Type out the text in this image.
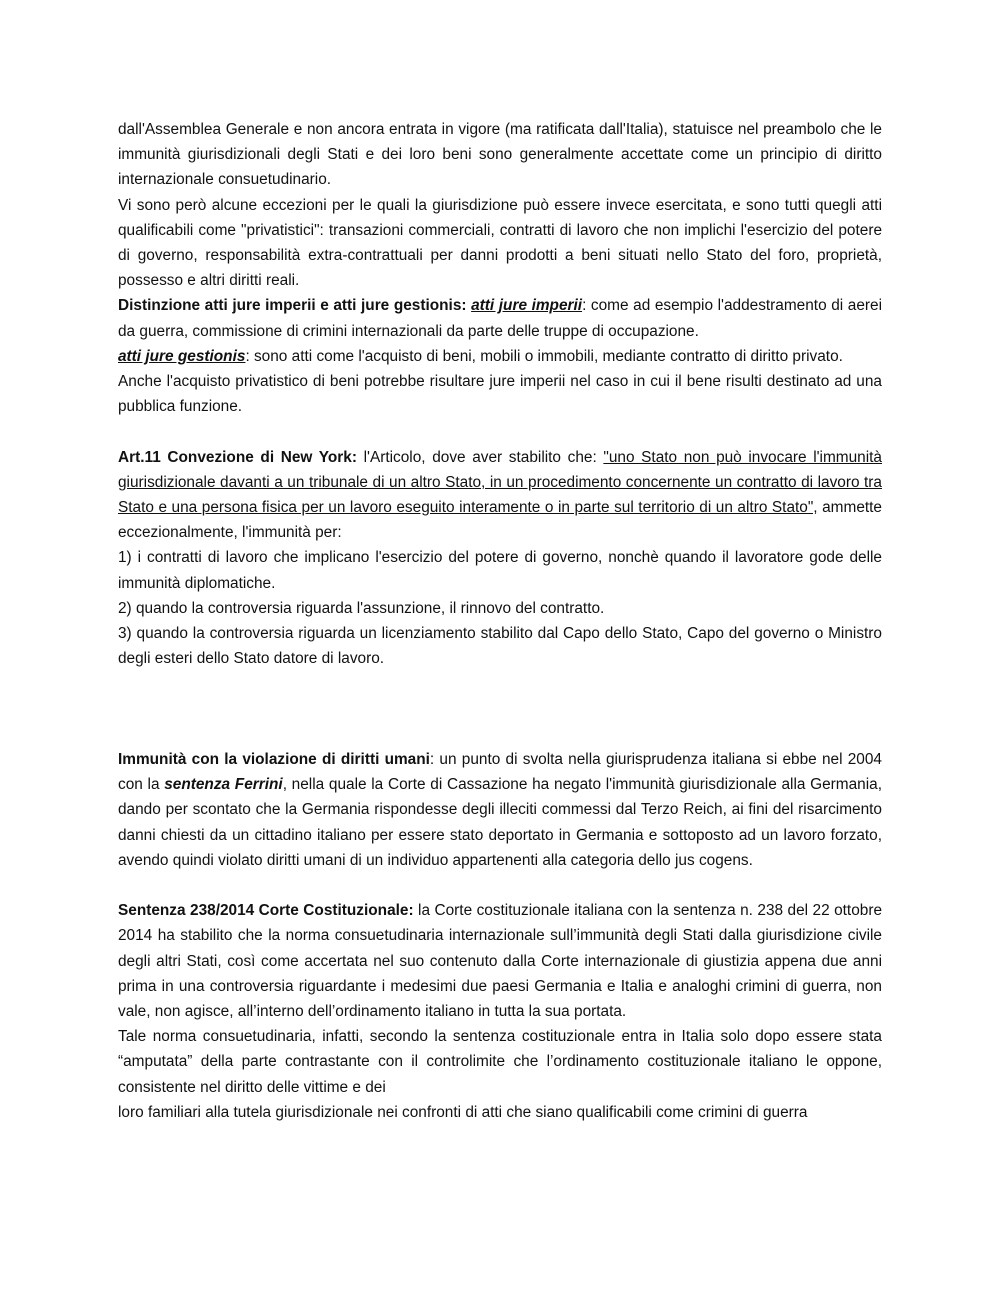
dall'Assemblea Generale e non ancora entrata in vigore (ma ratificata dall'Italia), statuisce nel preambolo che le immunità giurisdizionali degli Stati e dei loro beni sono generalmente accettate come un principio di diritto internazionale consuetudinario.

Vi sono però alcune eccezioni per le quali la giurisdizione può essere invece esercitata, e sono tutti quegli atti qualificabili come "privatistici": transazioni commerciali, contratti di lavoro che non implichi l'esercizio del potere di governo, responsabilità extra-contrattuali per danni prodotti a beni situati nello Stato del foro, proprietà, possesso e altri diritti reali.

Distinzione atti jure imperii e atti jure gestionis: atti jure imperii: come ad esempio l'addestramento di aerei da guerra, commissione di crimini internazionali da parte delle truppe di occupazione.

atti jure gestionis: sono atti come l'acquisto di beni, mobili o immobili, mediante contratto di diritto privato.

Anche l'acquisto privatistico di beni potrebbe risultare jure imperii nel caso in cui il bene risulti destinato ad una pubblica funzione.

Art.11 Convezione di New York: l'Articolo, dove aver stabilito che: "uno Stato non può invocare l'immunità giurisdizionale davanti a un tribunale di un altro Stato, in un procedimento concernente un contratto di lavoro tra Stato e una persona fisica per un lavoro eseguito interamente o in parte sul territorio di un altro Stato", ammette eccezionalmente, l'immunità per:

1) i contratti di lavoro che implicano l'esercizio del potere di governo, nonchè quando il lavoratore gode delle immunità diplomatiche.

2) quando la controversia riguarda l'assunzione, il rinnovo del contratto.

3) quando la controversia riguarda un licenziamento stabilito dal Capo dello Stato, Capo del governo o Ministro degli esteri dello Stato datore di lavoro.

Immunità con la violazione di diritti umani: un punto di svolta nella giurisprudenza italiana si ebbe nel 2004 con la sentenza Ferrini, nella quale la Corte di Cassazione ha negato l'immunità giurisdizionale alla Germania, dando per scontato che la Germania rispondesse degli illeciti commessi dal Terzo Reich, ai fini del risarcimento danni chiesti da un cittadino italiano per essere stato deportato in Germania e sottoposto ad un lavoro forzato, avendo quindi violato diritti umani di un individuo appartenenti alla categoria dello jus cogens.

Sentenza 238/2014 Corte Costituzionale: la Corte costituzionale italiana con la sentenza n. 238 del 22 ottobre 2014 ha stabilito che la norma consuetudinaria internazionale sull’immunità degli Stati dalla giurisdizione civile degli altri Stati, così come accertata nel suo contenuto dalla Corte internazionale di giustizia appena due anni prima in una controversia riguardante i medesimi due paesi Germania e Italia e analoghi crimini di guerra, non vale, non agisce, all’interno dell’ordinamento italiano in tutta la sua portata.

Tale norma consuetudinaria, infatti, secondo la sentenza costituzionale entra in Italia solo dopo essere stata “amputata” della parte contrastante con il controlimite che l’ordinamento costituzionale italiano le oppone, consistente nel diritto delle vittime e dei

loro familiari alla tutela giurisdizionale nei confronti di atti che siano qualificabili come crimini di guerra
